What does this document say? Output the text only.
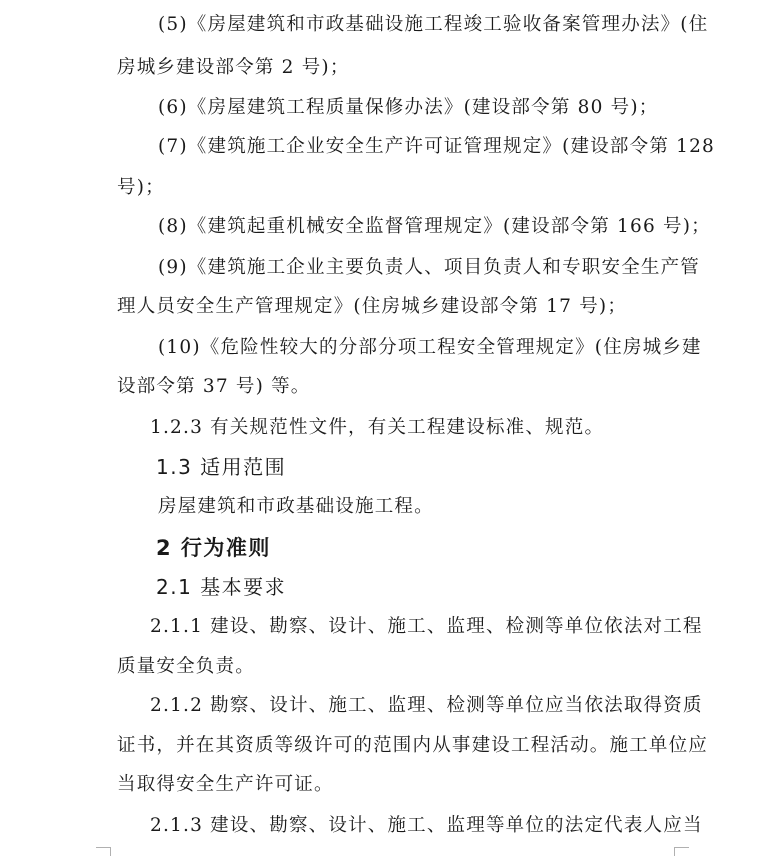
(5)《房屋建筑和市政基础设施工程竣工验收备案管理办法》(住
房城乡建设部令第 2 号)；
(6)《房屋建筑工程质量保修办法》(建设部令第 80 号)；
(7)《建筑施工企业安全生产许可证管理规定》(建设部令第 128
号)；
(8)《建筑起重机械安全监督管理规定》(建设部令第 166 号)；
(9)《建筑施工企业主要负责人、项目负责人和专职安全生产管
理人员安全生产管理规定》(住房城乡建设部令第 17 号)；
(10)《危险性较大的分部分项工程安全管理规定》(住房城乡建
设部令第 37 号) 等。
1.2.3 有关规范性文件，有关工程建设标准、规范。
1.3 适用范围
房屋建筑和市政基础设施工程。
2 行为准则
2.1 基本要求
2.1.1 建设、勘察、设计、施工、监理、检测等单位依法对工程
质量安全负责。
2.1.2 勘察、设计、施工、监理、检测等单位应当依法取得资质
证书，并在其资质等级许可的范围内从事建设工程活动。施工单位应
当取得安全生产许可证。
2.1.3 建设、勘察、设计、施工、监理等单位的法定代表人应当
